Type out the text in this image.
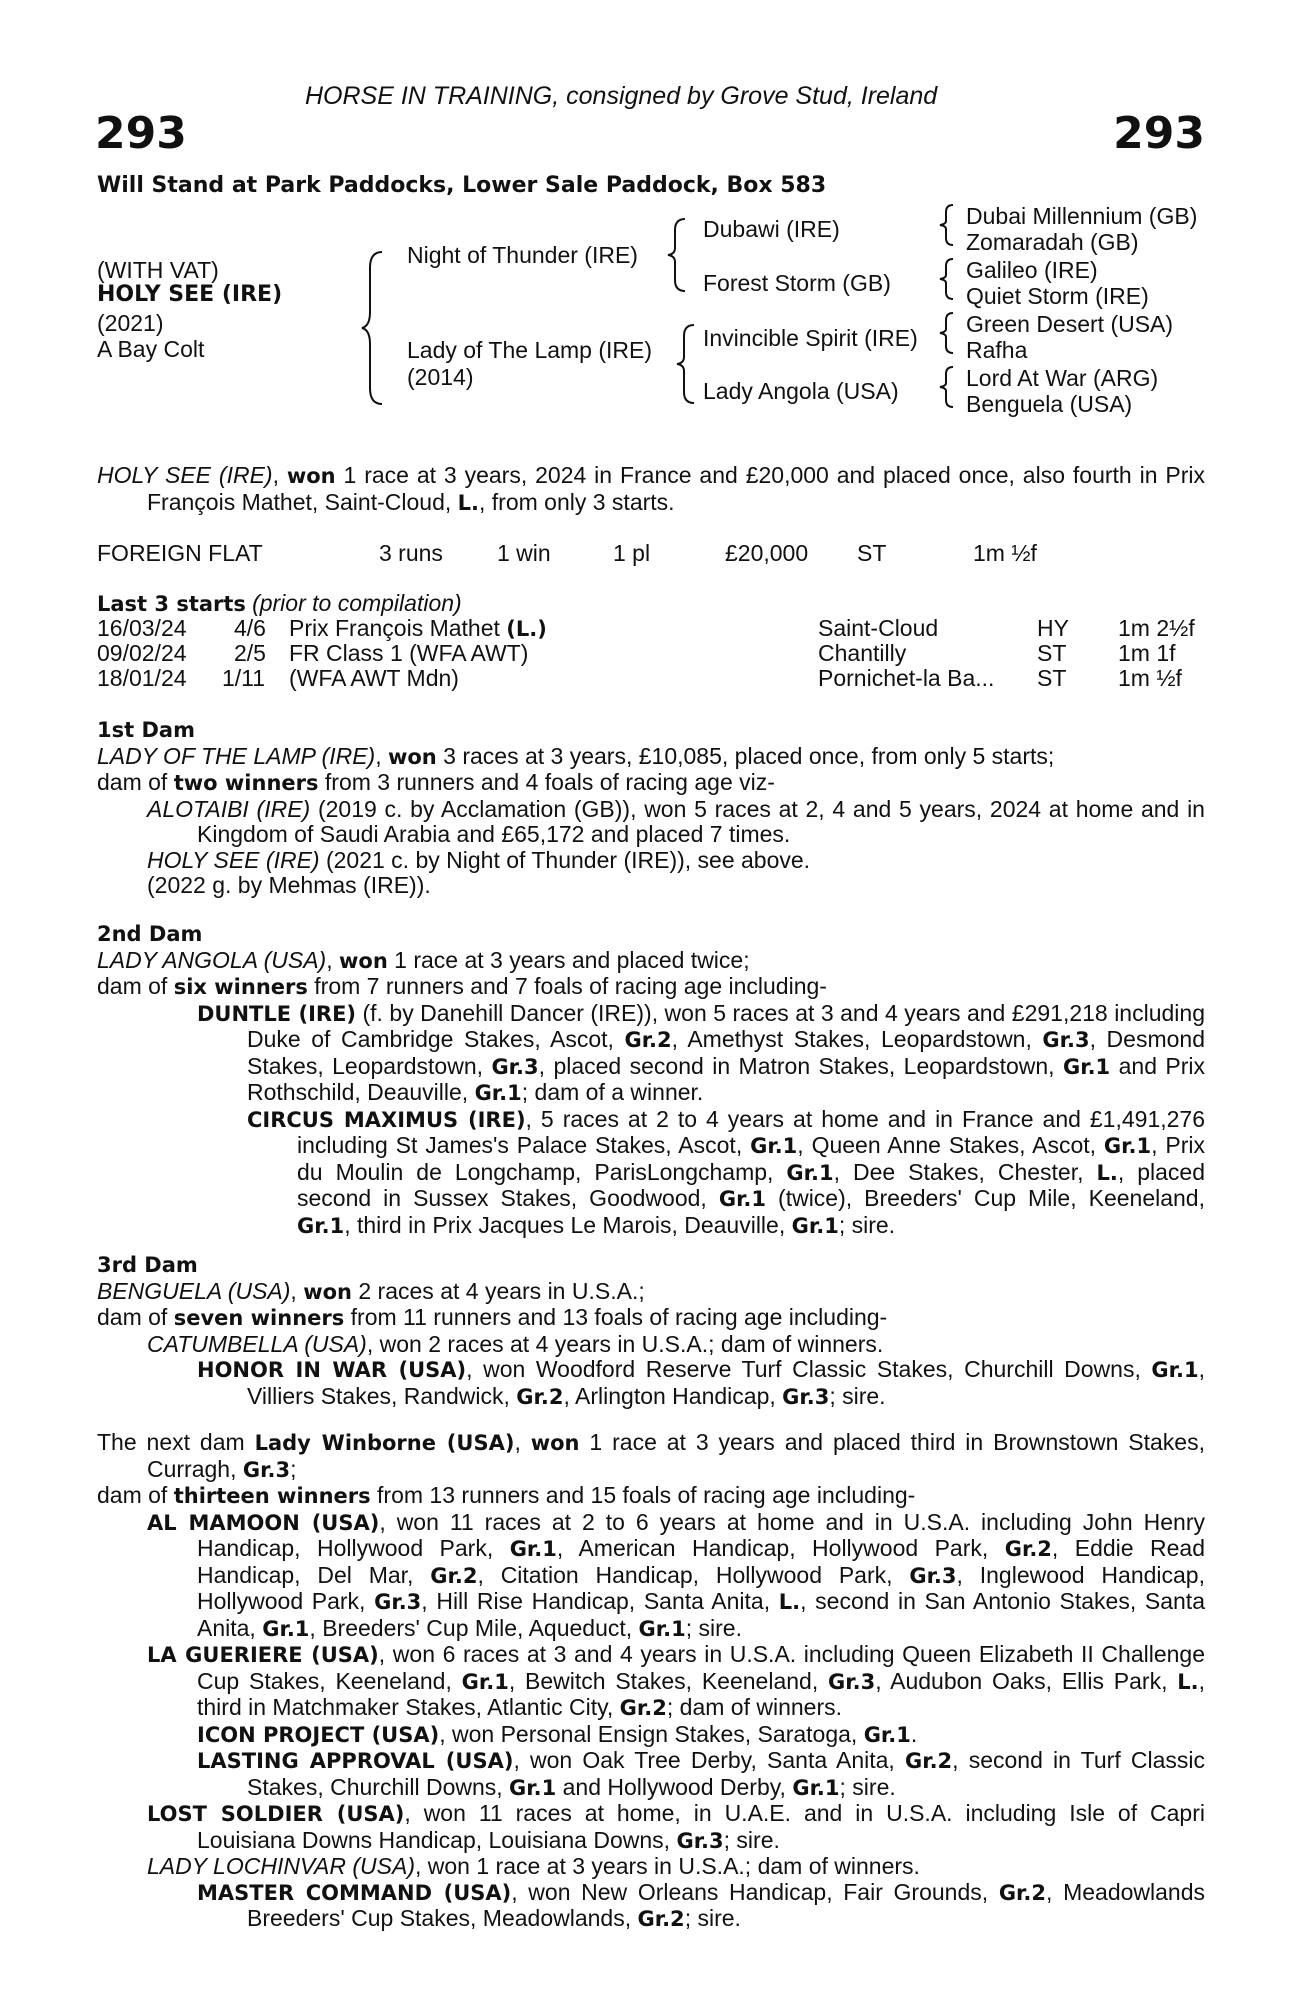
HORSE IN TRAINING, consigned by Grove Stud, Ireland
293	293
Will Stand at Park Paddocks, Lower Sale Paddock, Box 583
(WITH VAT)
HOLY SEE (IRE)
(2021)
A Bay Colt
Night of Thunder (IRE)
Lady of The Lamp (IRE)
(2014)
Dubawi (IRE)
Forest Storm (GB)
Invincible Spirit (IRE)
Lady Angola (USA)
Dubai Millennium (GB)
Zomaradah (GB)
Galileo (IRE)
Quiet Storm (IRE)
Green Desert (USA)
Rafha
Lord At War (ARG)
Benguela (USA)

HOLY SEE (IRE), won 1 race at 3 years, 2024 in France and £20,000 and placed once, also fourth in Prix François Mathet, Saint-Cloud, L., from only 3 starts.

FOREIGN FLAT	3 runs 1 win	1 pl	£20,000 ST	1m ½f
Last 3 starts (prior to compilation)
16/03/24 4/6 Prix François Mathet (L.)	Saint-Cloud	HY 1m 2½f
09/02/24 2/5 FR Class 1 (WFA AWT)	Chantilly	ST 1m 1f
18/01/24 1/11 (WFA AWT Mdn)	Pornichet-la Ba... ST 1m ½f

1st Dam

LADY OF THE LAMP (IRE), won 3 races at 3 years, £10,085, placed once, from only 5 starts;

dam of two winners from 3 runners and 4 foals of racing age viz-

ALOTAIBI (IRE) (2019 c. by Acclamation (GB)), won 5 races at 2, 4 and 5 years, 2024 at home and in Kingdom of Saudi Arabia and £65,172 and placed 7 times.

HOLY SEE (IRE) (2021 c. by Night of Thunder (IRE)), see above.

(2022 g. by Mehmas (IRE)).

2nd Dam

LADY ANGOLA (USA), won 1 race at 3 years and placed twice;

dam of six winners from 7 runners and 7 foals of racing age including-

DUNTLE (IRE) (f. by Danehill Dancer (IRE)), won 5 races at 3 and 4 years and £291,218 including Duke of Cambridge Stakes, Ascot, Gr.2, Amethyst Stakes, Leopardstown, Gr.3, Desmond Stakes, Leopardstown, Gr.3, placed second in Matron Stakes, Leopardstown, Gr.1 and Prix Rothschild, Deauville, Gr.1; dam of a winner.

CIRCUS MAXIMUS (IRE), 5 races at 2 to 4 years at home and in France and £1,491,276 including St James's Palace Stakes, Ascot, Gr.1, Queen Anne Stakes, Ascot, Gr.1, Prix du Moulin de Longchamp, ParisLongchamp, Gr.1, Dee Stakes, Chester, L., placed second in Sussex Stakes, Goodwood, Gr.1 (twice), Breeders' Cup Mile, Keeneland, Gr.1, third in Prix Jacques Le Marois, Deauville, Gr.1; sire.

3rd Dam

BENGUELA (USA), won 2 races at 4 years in U.S.A.;

dam of seven winners from 11 runners and 13 foals of racing age including-

CATUMBELLA (USA), won 2 races at 4 years in U.S.A.; dam of winners.

HONOR IN WAR (USA), won Woodford Reserve Turf Classic Stakes, Churchill Downs, Gr.1, Villiers Stakes, Randwick, Gr.2, Arlington Handicap, Gr.3; sire.

The next dam Lady Winborne (USA), won 1 race at 3 years and placed third in Brownstown Stakes, Curragh, Gr.3;

dam of thirteen winners from 13 runners and 15 foals of racing age including-

AL MAMOON (USA), won 11 races at 2 to 6 years at home and in U.S.A. including John Henry Handicap, Hollywood Park, Gr.1, American Handicap, Hollywood Park, Gr.2, Eddie Read Handicap, Del Mar, Gr.2, Citation Handicap, Hollywood Park, Gr.3, Inglewood Handicap, Hollywood Park, Gr.3, Hill Rise Handicap, Santa Anita, L., second in San Antonio Stakes, Santa Anita, Gr.1, Breeders' Cup Mile, Aqueduct, Gr.1; sire.

LA GUERIERE (USA), won 6 races at 3 and 4 years in U.S.A. including Queen Elizabeth II Challenge Cup Stakes, Keeneland, Gr.1, Bewitch Stakes, Keeneland, Gr.3, Audubon Oaks, Ellis Park, L., third in Matchmaker Stakes, Atlantic City, Gr.2; dam of winners.

ICON PROJECT (USA), won Personal Ensign Stakes, Saratoga, Gr.1.

LASTING APPROVAL (USA), won Oak Tree Derby, Santa Anita, Gr.2, second in Turf Classic Stakes, Churchill Downs, Gr.1 and Hollywood Derby, Gr.1; sire.

LOST SOLDIER (USA), won 11 races at home, in U.A.E. and in U.S.A. including Isle of Capri Louisiana Downs Handicap, Louisiana Downs, Gr.3; sire.

LADY LOCHINVAR (USA), won 1 race at 3 years in U.S.A.; dam of winners.

MASTER COMMAND (USA), won New Orleans Handicap, Fair Grounds, Gr.2, Meadowlands Breeders' Cup Stakes, Meadowlands, Gr.2; sire.
